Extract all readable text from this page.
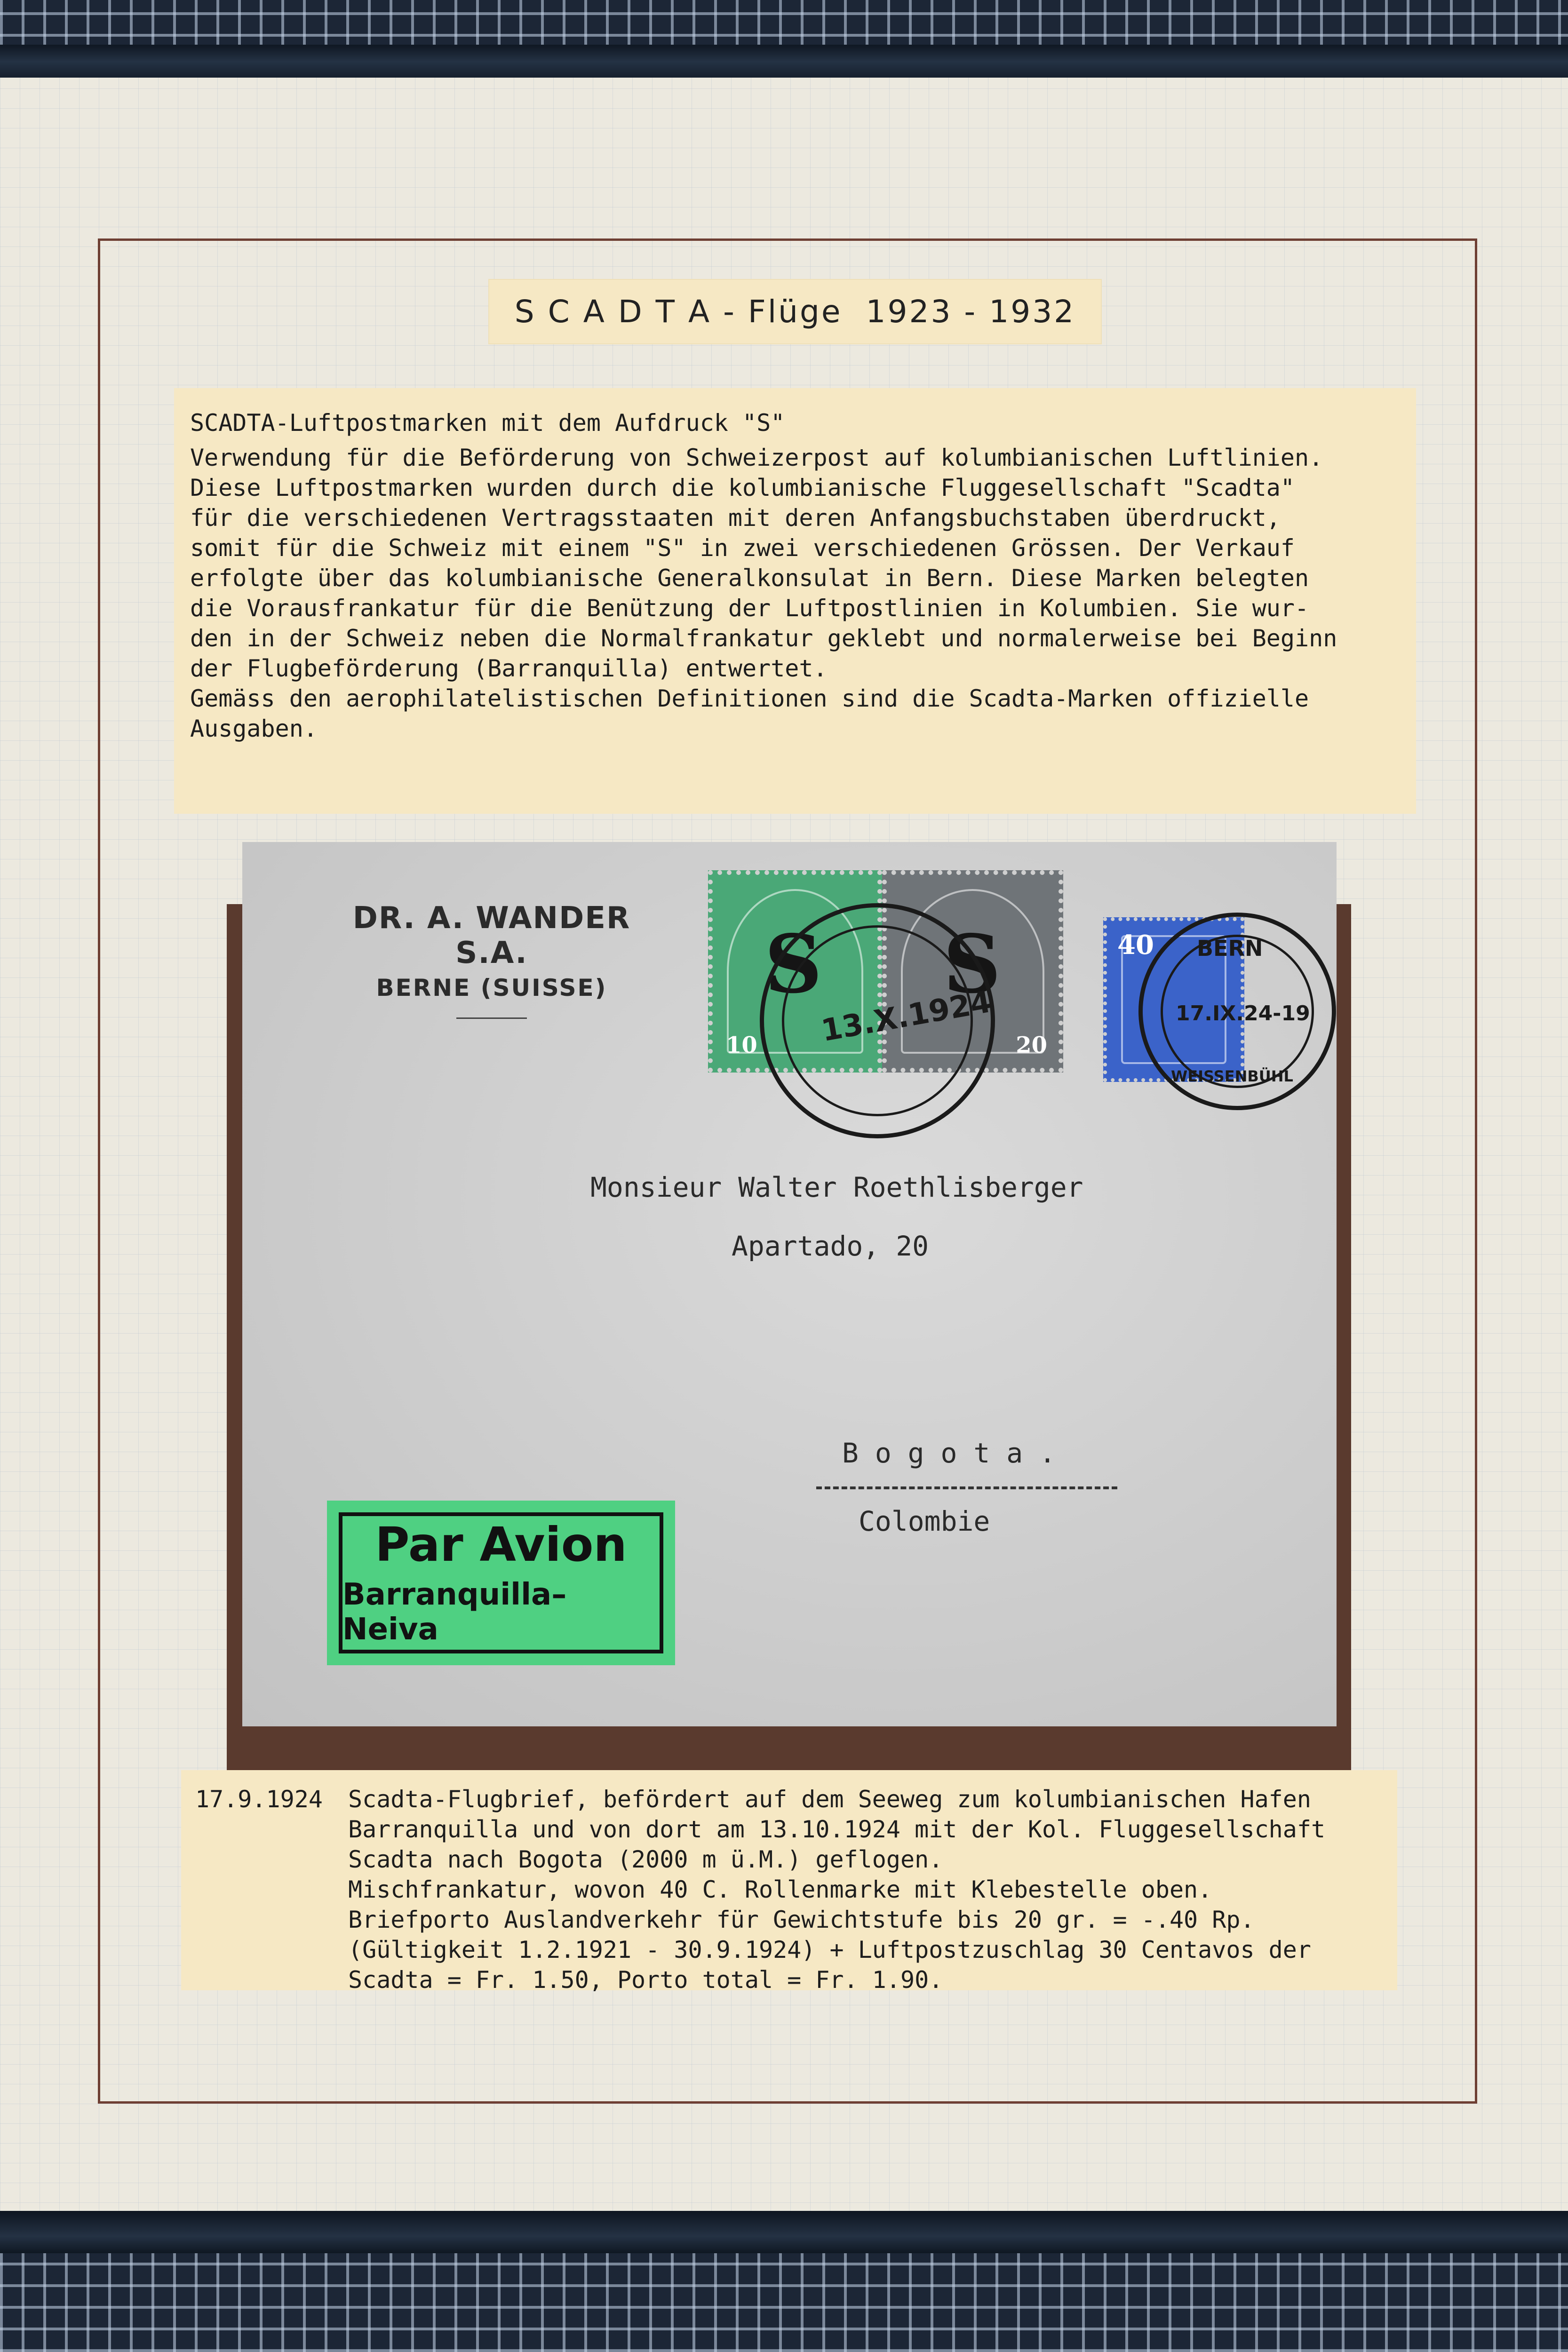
S C A D T A - Flüge  1923 - 1932
SCADTA-Luftpostmarken mit dem Aufdruck "S"
Verwendung für die Beförderung von Schweizerpost auf kolumbianischen Luftlinien.
Diese Luftpostmarken wurden durch die kolumbianische Fluggesellschaft "Scadta"
für die verschiedenen Vertragsstaaten mit deren Anfangsbuchstaben überdruckt,
somit für die Schweiz mit einem "S" in zwei verschiedenen Grössen. Der Verkauf
erfolgte über das kolumbianische Generalkonsulat in Bern. Diese Marken belegten
die Vorausfrankatur für die Benützung der Luftpostlinien in Kolumbien. Sie wur-
den in der Schweiz neben die Normalfrankatur geklebt und normalerweise bei Beginn
der Flugbeförderung (Barranquilla) entwertet.
Gemäss den aerophilatelistischen Definitionen sind die Scadta-Marken offizielle
Ausgaben.
DR. A. WANDER S.A.
BERNE (SUISSE)
10
S
20
S
13.X.1924
40 BERN
17.IX.24-19
WEISSENBÜHL
Monsieur Walter Roethlisberger
Apartado, 20
B o g o t a .
Colombie
Par Avion
Barranquilla–Neiva
17.9.1924 Scadta-Flugbrief, befördert auf dem Seeweg zum kolumbianischen Hafen
Barranquilla und von dort am 13.10.1924 mit der Kol. Fluggesellschaft
Scadta nach Bogota (2000 m ü.M.) geflogen.
Mischfrankatur, wovon 40 C. Rollenmarke mit Klebestelle oben.
Briefporto Auslandverkehr für Gewichtstufe bis 20 gr. = -.40 Rp.
(Gültigkeit 1.2.1921 - 30.9.1924) + Luftpostzuschlag 30 Centavos der
Scadta = Fr. 1.50, Porto total = Fr. 1.90.
